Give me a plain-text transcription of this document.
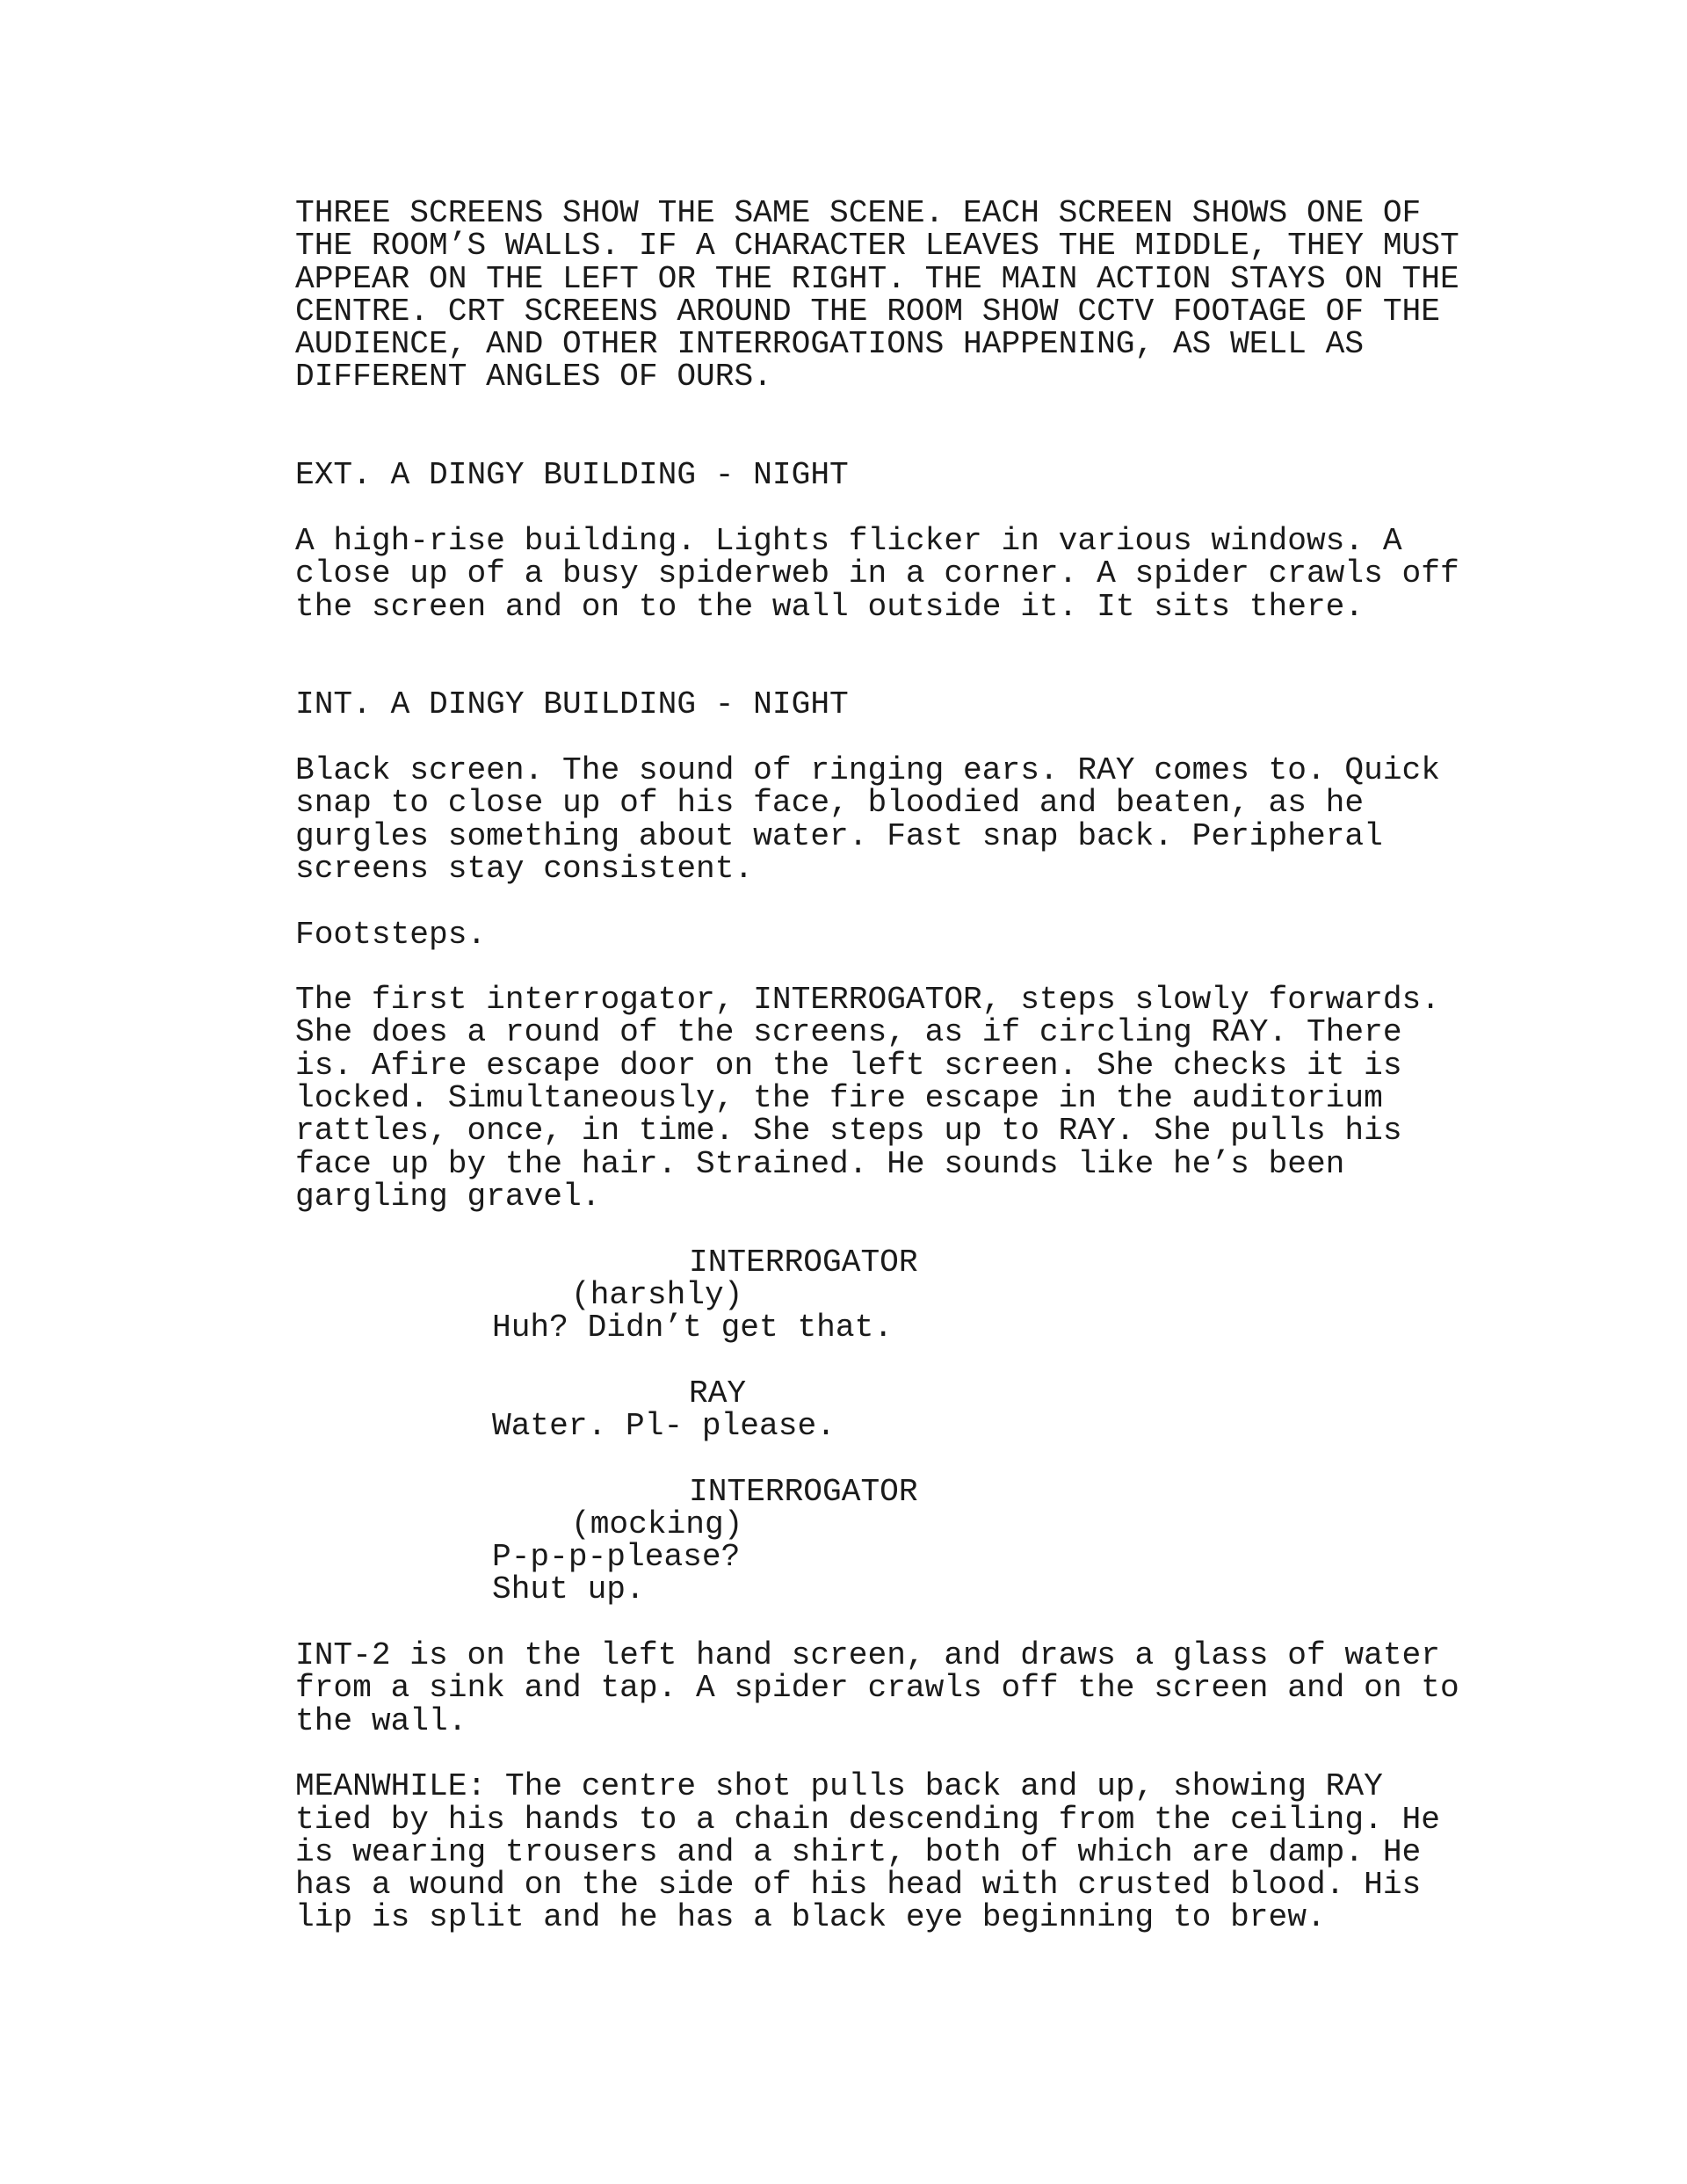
THREE SCREENS SHOW THE SAME SCENE. EACH SCREEN SHOWS ONE OF
THE ROOM’S WALLS. IF A CHARACTER LEAVES THE MIDDLE, THEY MUST
APPEAR ON THE LEFT OR THE RIGHT. THE MAIN ACTION STAYS ON THE
CENTRE. CRT SCREENS AROUND THE ROOM SHOW CCTV FOOTAGE OF THE
AUDIENCE, AND OTHER INTERROGATIONS HAPPENING, AS WELL AS
DIFFERENT ANGLES OF OURS.

EXT. A DINGY BUILDING - NIGHT

A high-rise building. Lights flicker in various windows. A
close up of a busy spiderweb in a corner. A spider crawls off
the screen and on to the wall outside it. It sits there.

INT. A DINGY BUILDING - NIGHT

Black screen. The sound of ringing ears. RAY comes to. Quick
snap to close up of his face, bloodied and beaten, as he
gurgles something about water. Fast snap back. Peripheral
screens stay consistent.

Footsteps.

The first interrogator, INTERROGATOR, steps slowly forwards.
She does a round of the screens, as if circling RAY. There
is. Afire escape door on the left screen. She checks it is
locked. Simultaneously, the fire escape in the auditorium
rattles, once, in time. She steps up to RAY. She pulls his
face up by the hair. Strained. He sounds like he’s been
gargling gravel.

INTERROGATOR

(harshly)

Huh? Didn’t get that.

RAY

Water. Pl- please.

INTERROGATOR

(mocking)

P-p-p-please?
Shut up.

INT-2 is on the left hand screen, and draws a glass of water
from a sink and tap. A spider crawls off the screen and on to
the wall.

MEANWHILE: The centre shot pulls back and up, showing RAY
tied by his hands to a chain descending from the ceiling. He
is wearing trousers and a shirt, both of which are damp. He
has a wound on the side of his head with crusted blood. His
lip is split and he has a black eye beginning to brew.
